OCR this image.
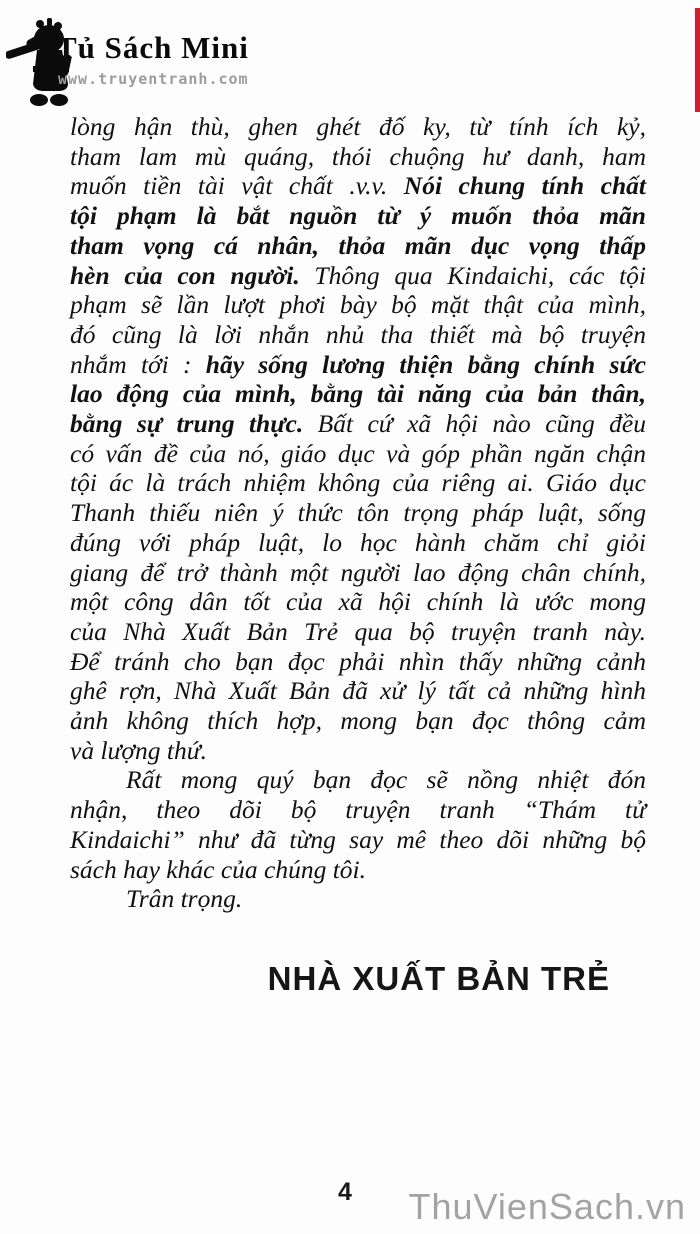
Tủ Sách Mini
www.truyentranh.com
lòng hận thù, ghen ghét đố ky, từ tính ích kỷ,
tham lam mù quáng, thói chuộng hư danh, ham
muốn tiền tài vật chất .v.v. Nói chung tính chất
tội phạm là bắt nguồn từ ý muốn thỏa mãn
tham vọng cá nhân, thỏa mãn dục vọng thấp
hèn của con người. Thông qua Kindaichi, các tội
phạm sẽ lần lượt phơi bày bộ mặt thật của mình,
đó cũng là lời nhắn nhủ tha thiết mà bộ truyện
nhắm tới : hãy sống lương thiện bằng chính sức
lao động của mình, bằng tài năng của bản thân,
bằng sự trung thực. Bất cứ xã hội nào cũng đều
có vấn đề của nó, giáo dục và góp phần ngăn chận
tội ác là trách nhiệm không của riêng ai. Giáo dục
Thanh thiếu niên ý thức tôn trọng pháp luật, sống
đúng với pháp luật, lo học hành chăm chỉ giỏi
giang để trở thành một người lao động chân chính,
một công dân tốt của xã hội chính là ước mong
của Nhà Xuất Bản Trẻ qua bộ truyện tranh này.
Để tránh cho bạn đọc phải nhìn thấy những cảnh
ghê rợn, Nhà Xuất Bản đã xử lý tất cả những hình
ảnh không thích hợp, mong bạn đọc thông cảm
và lượng thứ.
Rất mong quý bạn đọc sẽ nồng nhiệt đón
nhận, theo dõi bộ truyện tranh “Thám tử
Kindaichi” như đã từng say mê theo dõi những bộ
sách hay khác của chúng tôi.
Trân trọng.
NHÀ XUẤT BẢN TRẺ
4 ThuVienSach.vn
